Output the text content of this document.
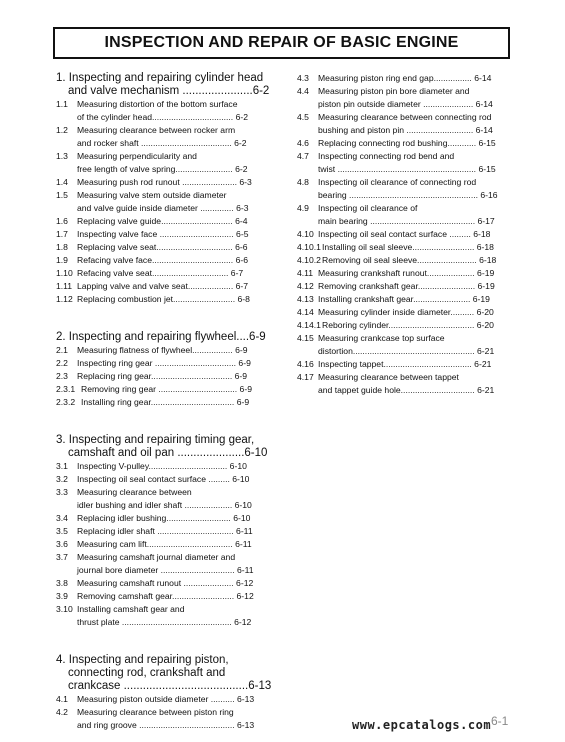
INSPECTION AND REPAIR OF BASIC ENGINE
1. Inspecting and repairing cylinder head
and valve mechanism ......................6-2
1.1	Measuring distortion of the bottom surface
of the cylinder head.................................. 6-2
1.2	Measuring clearance between rocker arm
and rocker shaft ...................................... 6-2
1.3	Measuring perpendicularity and
free length of valve spring........................ 6-2
1.4	Measuring push rod runout ....................... 6-3
1.5	Measuring valve stem outside diameter
and valve guide inside diameter .............. 6-3
1.6	Replacing valve guide.............................. 6-4
1.7	Inspecting valve face ............................... 6-5
1.8	Replacing valve seat................................ 6-6
1.9	Refacing valve face.................................. 6-6
1.10 Refacing valve seat................................ 6-7
1.11 Lapping valve and valve seat................... 6-7
1.12 Replacing combustion jet.......................... 6-8
2. Inspecting and repairing flywheel....6-9
2.1	Measuring flatness of flywheel................. 6-9
2.2	Inspecting ring gear .................................. 6-9
2.3	Replacing ring gear.................................. 6-9
2.3.1 Removing ring gear ................................. 6-9
2.3.2 Installing ring gear................................... 6-9
3. Inspecting and repairing timing gear,
camshaft and oil pan .....................6-10
3.1	Inspecting V-pulley................................. 6-10
3.2	Inspecting oil seal contact surface ......... 6-10
3.3	Measuring clearance between
idler bushing and idler shaft .................... 6-10
3.4	Replacing idler bushing........................... 6-10
3.5	Replacing idler shaft ................................ 6-11
3.6	Measuring cam lift.................................... 6-11
3.7	Measuring camshaft journal diameter and
journal bore diameter ............................... 6-11
3.8	Measuring camshaft runout ..................... 6-12
3.9	Removing camshaft gear.......................... 6-12
3.10 Installing camshaft gear and
thrust plate .............................................. 6-12
4. Inspecting and repairing piston,
connecting rod, crankshaft and
crankcase .......................................6-13
4.1	Measuring piston outside diameter .......... 6-13
4.2	Measuring clearance between piston ring
and ring groove ........................................ 6-13
4.3	Measuring piston ring end gap................ 6-14
4.4	Measuring piston pin bore diameter and
piston pin outside diameter ..................... 6-14
4.5	Measuring clearance between connecting rod
bushing and piston pin ............................ 6-14
4.6	Replacing connecting rod bushing............ 6-15
4.7	Inspecting connecting rod bend and
twist .......................................................... 6-15
4.8	Inspecting oil clearance of connecting rod
bearing ...................................................... 6-16
4.9	Inspecting oil clearance of
main bearing ............................................ 6-17
4.10 Inspecting oil seal contact surface ......... 6-18
4.10.1 Installing oil seal sleeve.......................... 6-18
4.10.2 Removing oil seal sleeve......................... 6-18
4.11 Measuring crankshaft runout.................... 6-19
4.12 Removing crankshaft gear........................ 6-19
4.13 Installing crankshaft gear........................ 6-19
4.14 Measuring cylinder inside diameter.......... 6-20
4.14.1 Reboring cylinder.................................... 6-20
4.15 Measuring crankcase top surface
distortion................................................... 6-21
4.16 Inspecting tappet..................................... 6-21
4.17 Measuring clearance between tappet
and tappet guide hole............................... 6-21
www.epcatalogs.com 6-1
